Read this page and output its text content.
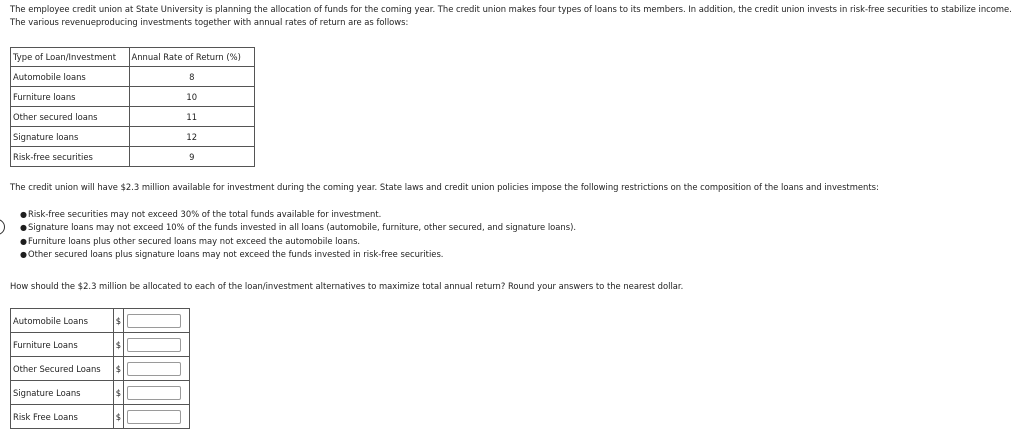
The employee credit union at State University is planning the allocation of funds for the coming year. The credit union makes four types of loans to its members. In addition, the credit union invests in risk-free securities to stabilize income. The various revenueproducing investments together with annual rates of return are as follows:

Type of Loan/Investment	Annual Rate of Return (%)
Automobile loans	8
Furniture loans	10
Other secured loans	11
Signature loans	12
Risk-free securities	9

The credit union will have $2.3 million available for investment during the coming year. State laws and credit union policies impose the following restrictions on the composition of the loans and investments:

● Risk-free securities may not exceed 30% of the total funds available for investment.
● Signature loans may not exceed 10% of the funds invested in all loans (automobile, furniture, other secured, and signature loans).
● Furniture loans plus other secured loans may not exceed the automobile loans.
● Other secured loans plus signature loans may not exceed the funds invested in risk-free securities.

How should the $2.3 million be allocated to each of the loan/investment alternatives to maximize total annual return? Round your answers to the nearest dollar.

Automobile Loans	$	

Furniture Loans	$	

Other Secured Loans	$	

Signature Loans	$	

Risk Free Loans	$	
